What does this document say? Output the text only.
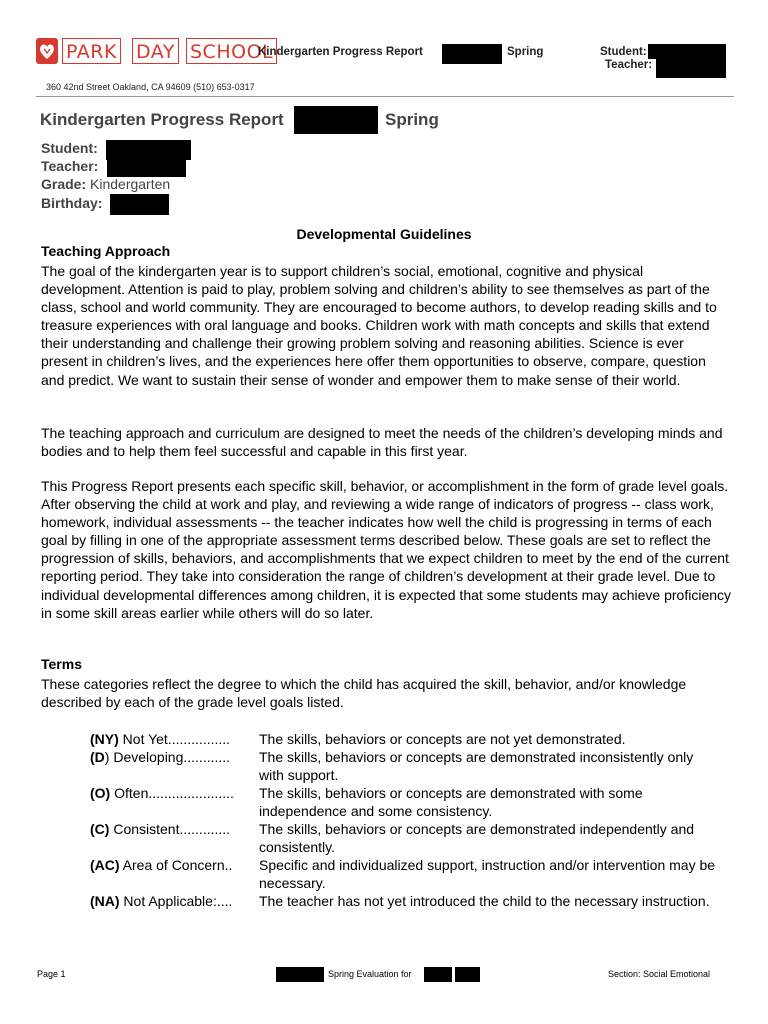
PARK DAY SCHOOL
Kindergarten Progress Report	Spring	Student:
Teacher:
360 42nd Street Oakland, CA 94609 (510) 653-0317
Kindergarten Progress Report	Spring
Student:
Teacher:
Grade: Kindergarten
Birthday:
Developmental Guidelines
Teaching Approach
The goal of the kindergarten year is to support children’s social, emotional, cognitive and physical development. Attention is paid to play, problem solving and children’s ability to see themselves as part of the class, school and world community. They are encouraged to become authors, to develop reading skills and to treasure experiences with oral language and books. Children work with math concepts and skills that extend their understanding and challenge their growing problem solving and reasoning abilities. Science is ever present in children’s lives, and the experiences here offer them opportunities to observe, compare, question and predict. We want to sustain their sense of wonder and empower them to make sense of their world.
The teaching approach and curriculum are designed to meet the needs of the children’s developing minds and bodies and to help them feel successful and capable in this first year.
This Progress Report presents each specific skill, behavior, or accomplishment in the form of grade level goals. After observing the child at work and play, and reviewing a wide range of indicators of progress -- class work, homework, individual assessments -- the teacher indicates how well the child is progressing in terms of each goal by filling in one of the appropriate assessment terms described below. These goals are set to reflect the progression of skills, behaviors, and accomplishments that we expect children to meet by the end of the current reporting period. They take into consideration the range of children’s development at their grade level. Due to individual developmental differences among children, it is expected that some students may achieve proficiency in some skill areas earlier while others will do so later.
Terms
These categories reflect the degree to which the child has acquired the skill, behavior, and/or knowledge described by each of the grade level goals listed.
(NY) Not Yet................	The skills, behaviors or concepts are not yet demonstrated.
(D) Developing............	The skills, behaviors or concepts are demonstrated inconsistently only with support.
(O) Often......................	The skills, behaviors or concepts are demonstrated with some independence and some consistency.
(C) Consistent.............	The skills, behaviors or concepts are demonstrated independently and consistently.
(AC) Area of Concern..	Specific and individualized support, instruction and/or intervention may be necessary.
(NA) Not Applicable:....	The teacher has not yet introduced the child to the necessary instruction.
Page 1	Spring Evaluation for	Section: Social Emotional
